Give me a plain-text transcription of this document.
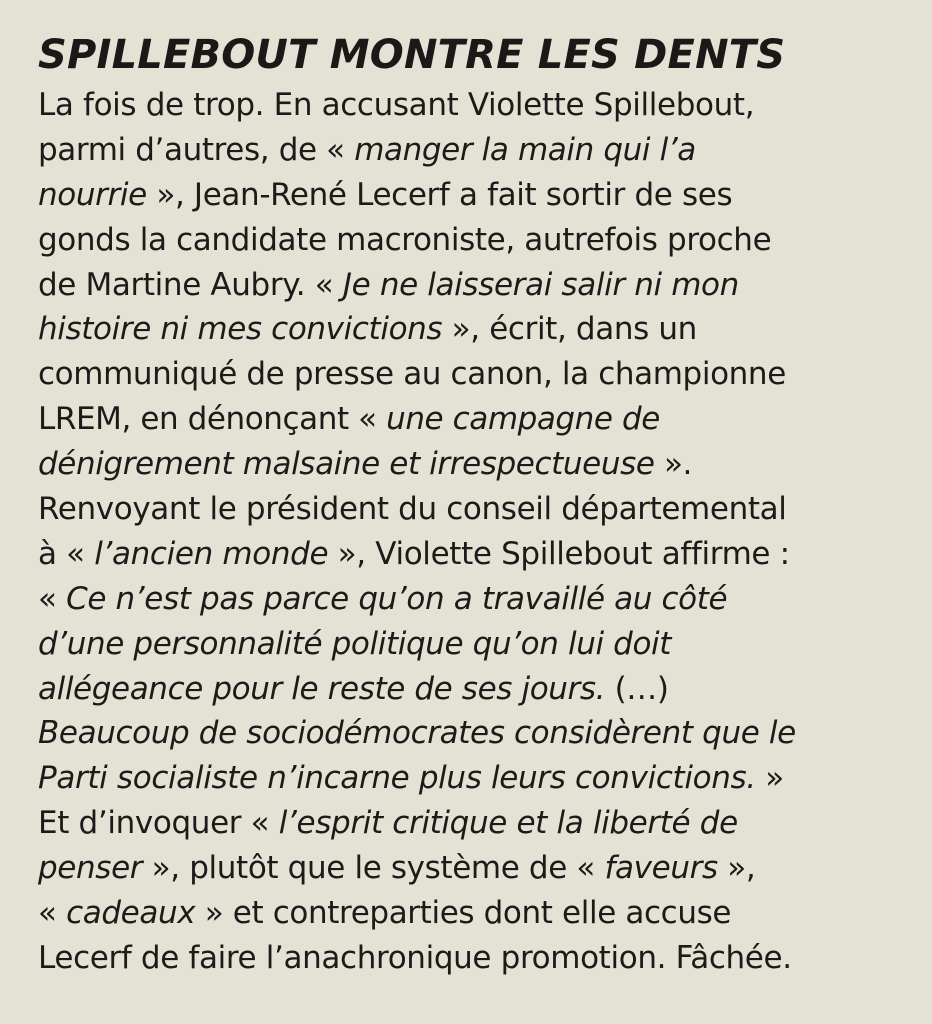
SPILLEBOUT MONTRE LES DENTS
La fois de trop. En accusant Violette Spillebout,
parmi d’autres, de « manger la main qui l’a
nourrie », Jean-René Lecerf a fait sortir de ses
gonds la candidate macroniste, autrefois proche
de Martine Aubry. « Je ne laisserai salir ni mon
histoire ni mes convictions », écrit, dans un
communiqué de presse au canon, la championne
LREM, en dénonçant « une campagne de
dénigrement malsaine et irrespectueuse ».
Renvoyant le président du conseil départemental
à « l’ancien monde », Violette Spillebout affirme :
« Ce n’est pas parce qu’on a travaillé au côté
d’une personnalité politique qu’on lui doit
allégeance pour le reste de ses jours. (…)
Beaucoup de sociodémocrates considèrent que le
Parti socialiste n’incarne plus leurs convictions. »
Et d’invoquer « l’esprit critique et la liberté de
penser », plutôt que le système de « faveurs »,
« cadeaux » et contreparties dont elle accuse
Lecerf de faire l’anachronique promotion. Fâchée.
